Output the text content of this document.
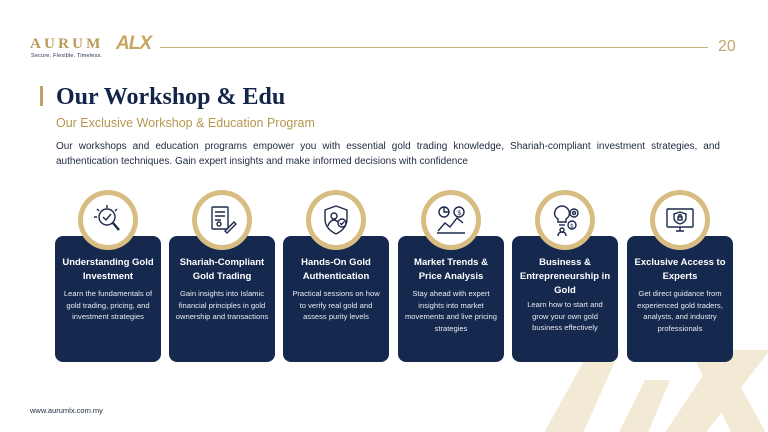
AURUM ALX
Secure. Flexible. Timeless.
20
Our Workshop & Edu
Our Exclusive Workshop & Education Program

Our workshops and education programs empower you with essential gold trading knowledge, Shariah-compliant investment strategies, and authentication techniques. Gain expert insights and make informed decisions with confidence

Understanding Gold Investment
Learn the fundamentals of gold trading, pricing, and investment strategies
Shariah-Compliant Gold Trading
Gain insights into Islamic financial principles in gold ownership and transactions
Hands-On Gold Authentication
Practical sessions on how to verify real gold and assess purity levels
$
Market Trends & Price Analysis
Stay ahead with expert insights into market movements and live pricing strategies
$
Business & Entrepreneurship in Gold
Learn how to start and grow your own gold business effectively
Exclusive Access to Experts
Get direct guidance from experienced gold traders, analysts, and industry professionals
www.aurumlx.com.my
